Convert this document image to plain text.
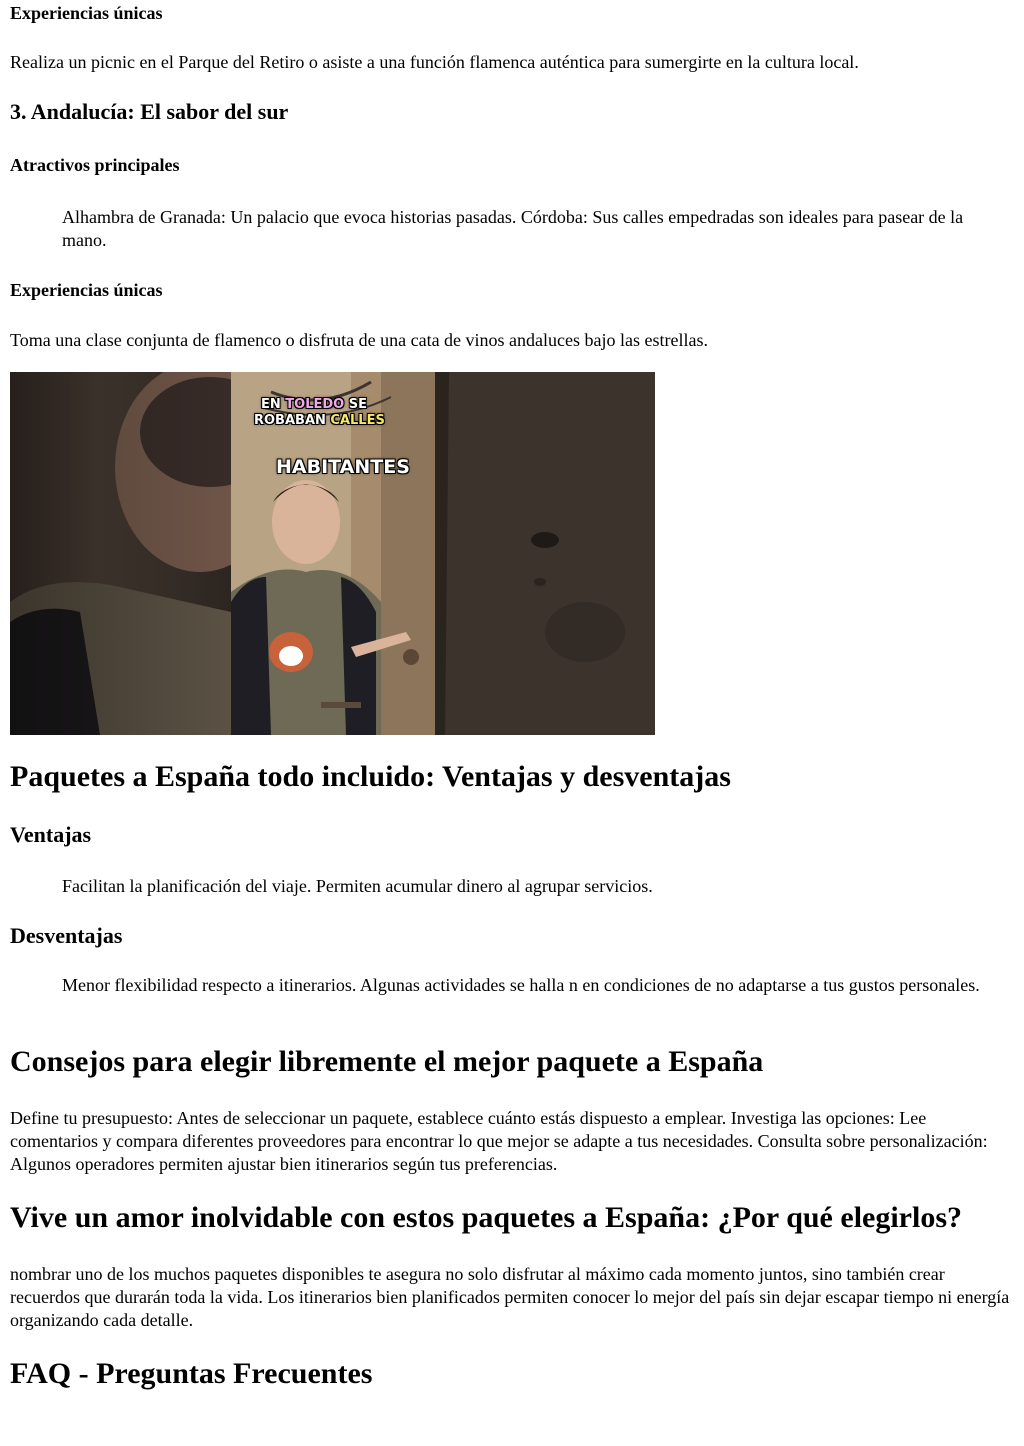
Experiencias únicas

Realiza un picnic en el Parque del Retiro o asiste a una función flamenca auténtica para sumergirte en la cultura local.

3. Andalucía: El sabor del sur
Atractivos principales

Alhambra de Granada: Un palacio que evoca historias pasadas. Córdoba: Sus calles empedradas son ideales para pasear de la mano.

Experiencias únicas

Toma una clase conjunta de flamenco o disfruta de una cata de vinos andaluces bajo las estrellas.

EN TOLEDO SE
ROBABAN CALLES
HABITANTES
Paquetes a España todo incluido: Ventajas y desventajas
Ventajas

Facilitan la planificación del viaje. Permiten acumular dinero al agrupar servicios.

Desventajas

Menor flexibilidad respecto a itinerarios. Algunas actividades se halla n en condiciones de no adaptarse a tus gustos personales.

Consejos para elegir libremente el mejor paquete a España

Define tu presupuesto: Antes de seleccionar un paquete, establece cuánto estás dispuesto a emplear. Investiga las opciones: Lee comentarios y compara diferentes proveedores para encontrar lo que mejor se adapte a tus necesidades. Consulta sobre personalización: Algunos operadores permiten ajustar bien itinerarios según tus preferencias.

Vive un amor inolvidable con estos paquetes a España: ¿Por qué elegirlos?

nombrar uno de los muchos paquetes disponibles te asegura no solo disfrutar al máximo cada momento juntos, sino también crear recuerdos que durarán toda la vida. Los itinerarios bien planificados permiten conocer lo mejor del país sin dejar escapar tiempo ni energía organizando cada detalle.

FAQ - Preguntas Frecuentes
